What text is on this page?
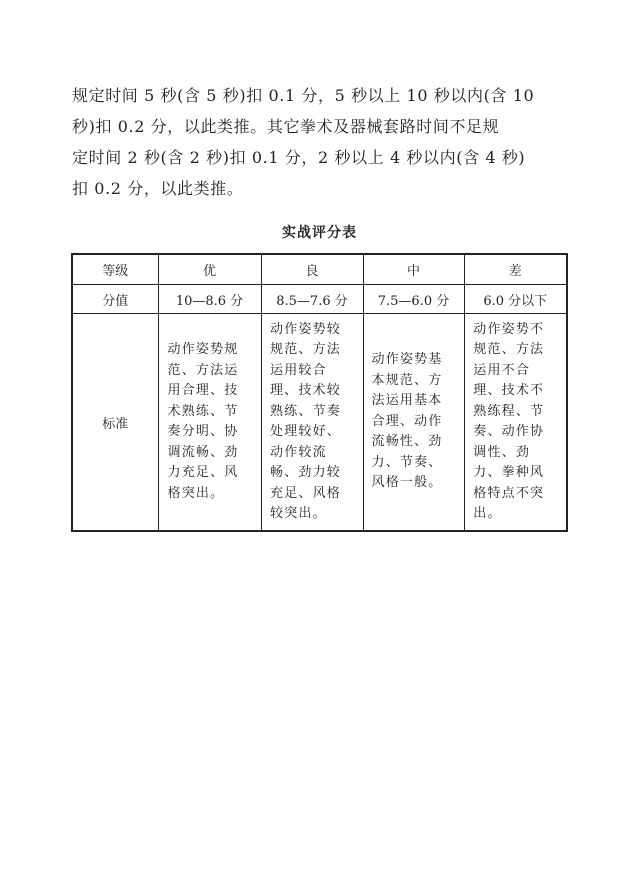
规定时间 5 秒(含 5 秒)扣 0.1 分，5 秒以上 10 秒以内(含 10
秒)扣 0.2 分，以此类推。其它拳术及器械套路时间不足规
定时间 2 秒(含 2 秒)扣 0.1 分，2 秒以上 4 秒以内(含 4 秒)
扣 0.2 分，以此类推。
实战评分表
等级	优	良	中	差
分值	10—8.6 分	8.5—7.6 分	7.5—6.0 分	6.0 分以下
标准	动作姿势规范、方法运用合理、技术熟练、节奏分明、协调流畅、劲力充足、风格突出。	动作姿势较规范、方法运用较合理、技术较熟练、节奏处理较好、动作较流畅、劲力较充足、风格较突出。	动作姿势基本规范、方法运用基本合理、动作流畅性、劲力、节奏、风格一般。	动作姿势不规范、方法运用不合理、技术不熟练程、节奏、动作协调性、劲力、拳种风格特点不突出。
